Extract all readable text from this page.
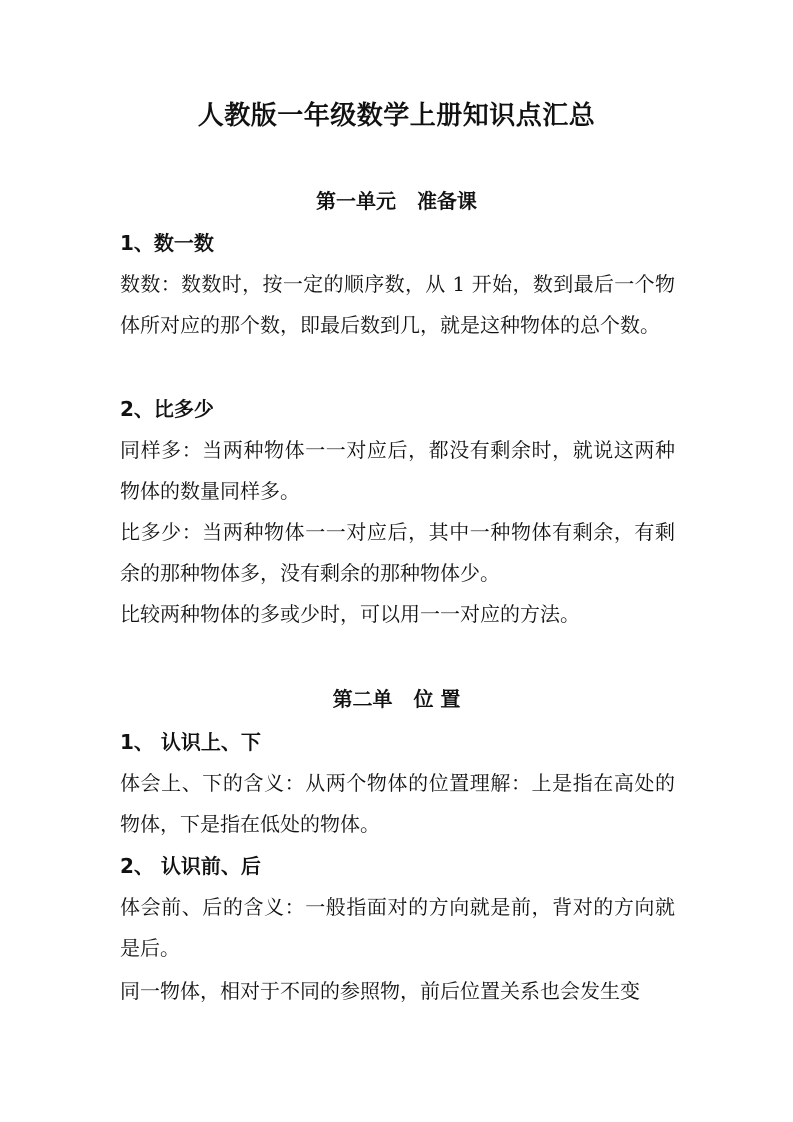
人教版一年级数学上册知识点汇总
第一单元 准备课
1、数一数
数数：数数时，按一定的顺序数，从 1 开始，数到最后一个物体所对应的那个数，即最后数到几，就是这种物体的总个数。
2、比多少
同样多：当两种物体一一对应后，都没有剩余时，就说这两种物体的数量同样多。
比多少：当两种物体一一对应后，其中一种物体有剩余，有剩余的那种物体多，没有剩余的那种物体少。
比较两种物体的多或少时，可以用一一对应的方法。
第二单 位 置
1、 认识上、下
体会上、下的含义：从两个物体的位置理解：上是指在高处的物体，下是指在低处的物体。
2、 认识前、后
体会前、后的含义：一般指面对的方向就是前，背对的方向就是后。
同一物体，相对于不同的参照物，前后位置关系也会发生变
